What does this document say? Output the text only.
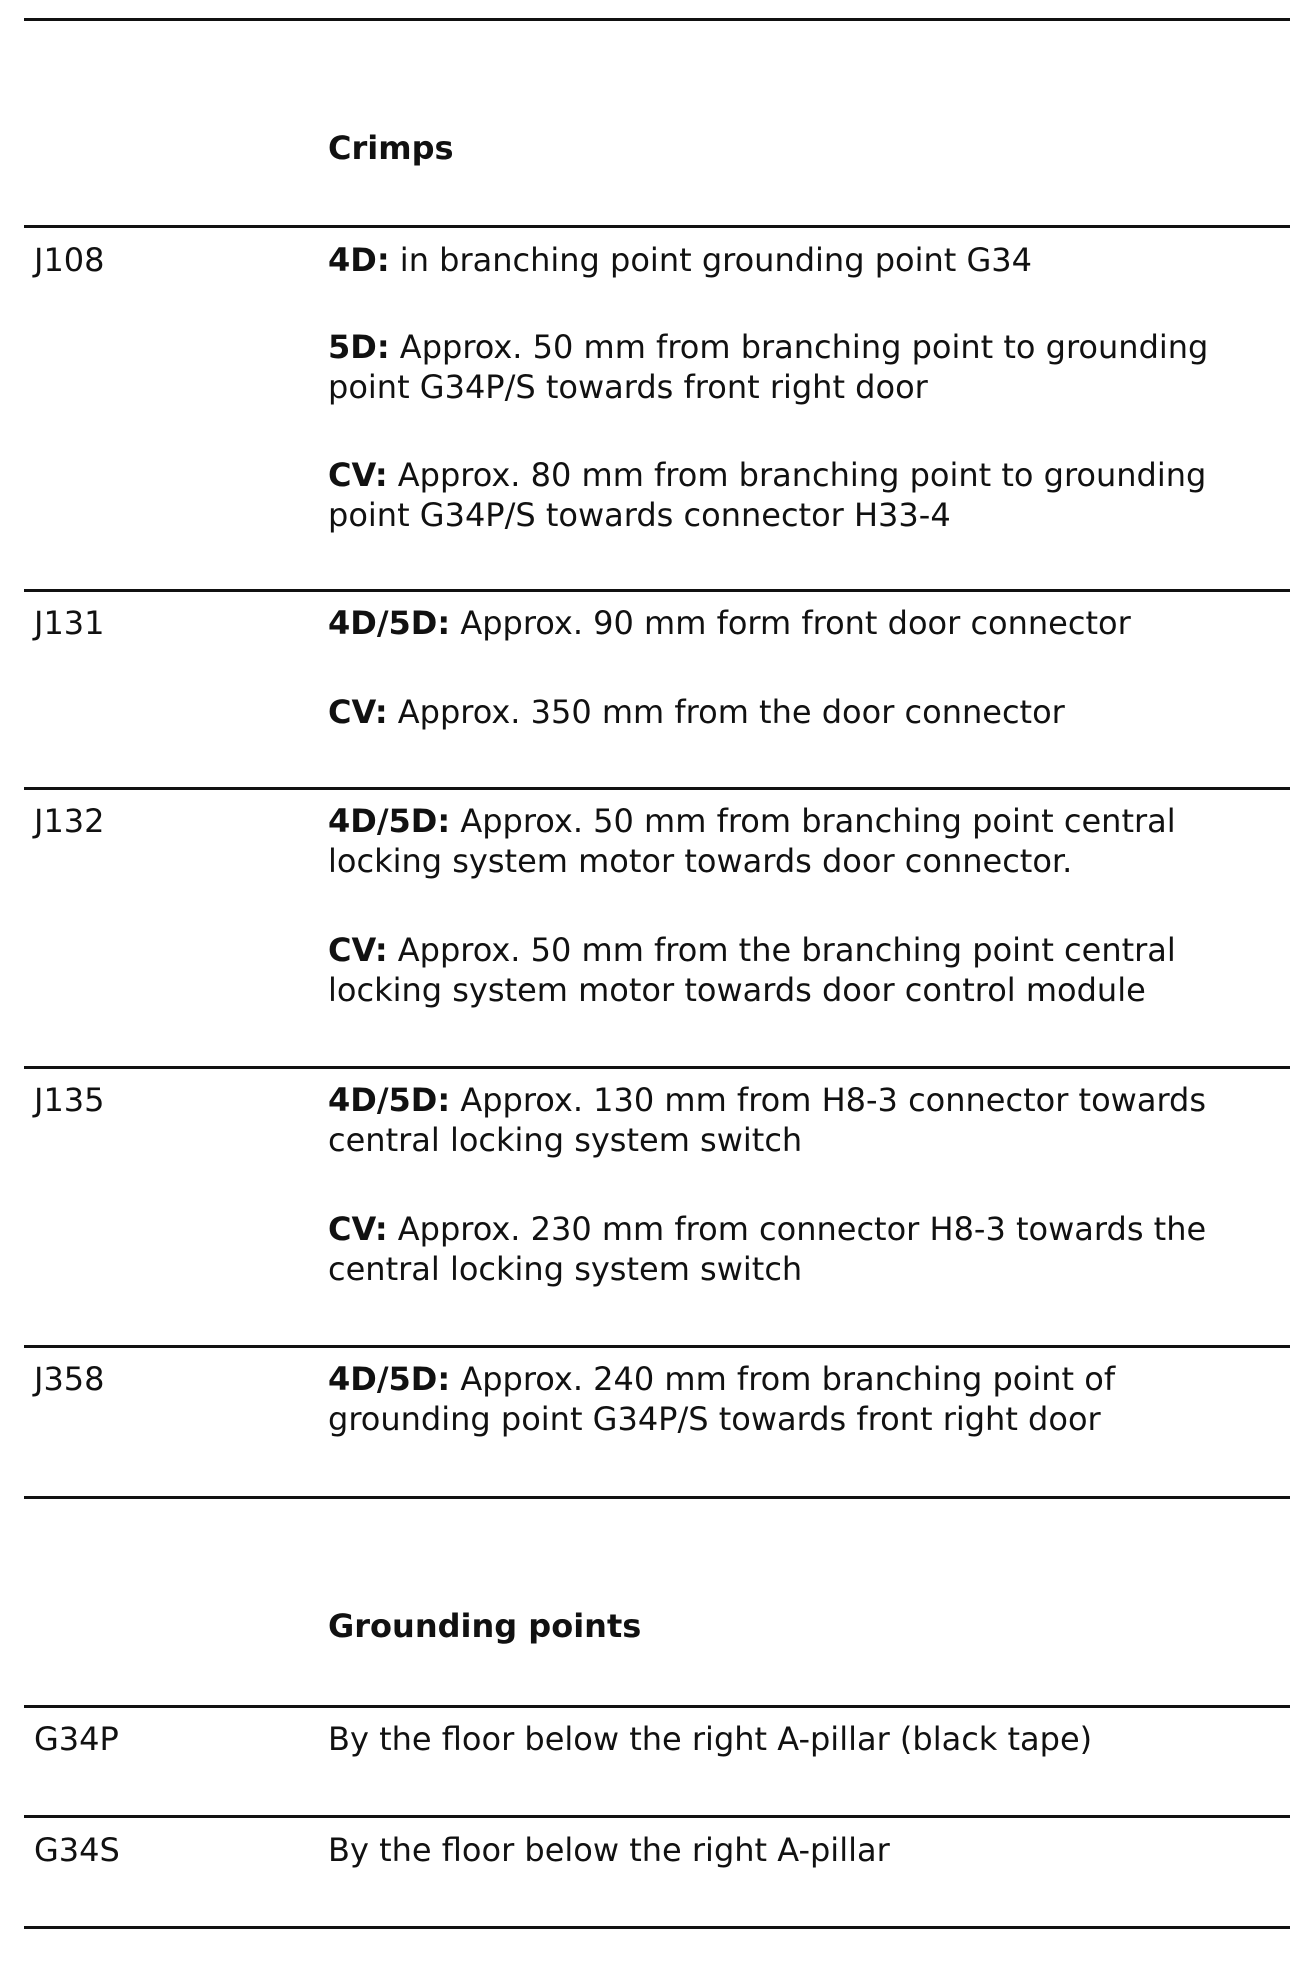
Crimps
J108	4D: in branching point grounding point G34
5D: Approx. 50 mm from branching point to grounding
point G34P/S towards front right door
CV: Approx. 80 mm from branching point to grounding
point G34P/S towards connector H33-4
J131	4D/5D: Approx. 90 mm form front door connector
CV: Approx. 350 mm from the door connector
J132	4D/5D: Approx. 50 mm from branching point central
locking system motor towards door connector.
CV: Approx. 50 mm from the branching point central
locking system motor towards door control module
J135	4D/5D: Approx. 130 mm from H8-3 connector towards
central locking system switch
CV: Approx. 230 mm from connector H8-3 towards the
central locking system switch
J358	4D/5D: Approx. 240 mm from branching point of
grounding point G34P/S towards front right door
Grounding points
G34P	By the floor below the right A-pillar (black tape)
G34S	By the floor below the right A-pillar
